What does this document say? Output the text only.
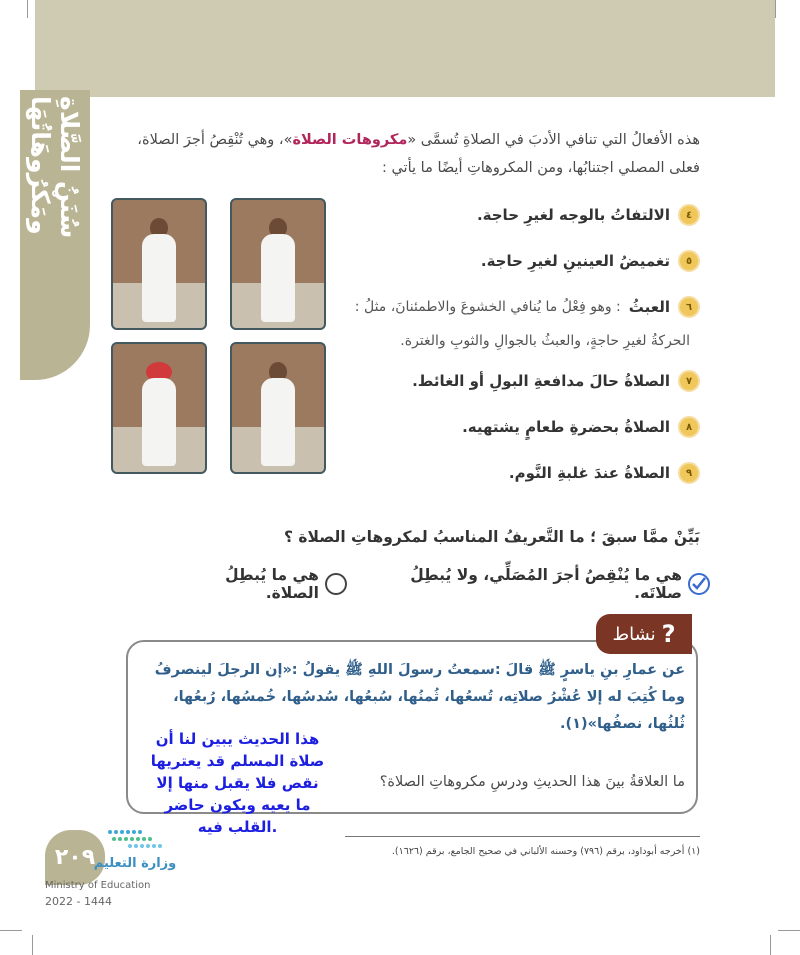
سُنَنُ الصَّلاةِ ومَكْرُوهَاتُهَا	هذه الأفعالُ التي تنافي الأدبَ في الصلاةِ تُسمَّى «مكروهات الصلاة»، وهي تُنْقِصُ أجرَ الصلاة،
فعلى المصلي اجتنابُها، ومن المكروهاتِ أيضًا ما يأتي :
٤
الالتفاتُ بالوجه لغيرِ حاجة.
٥
تغميضُ العينينِ لغيرِ حاجة.
٦
العبثُ
: وهو فِعْلُ ما يُنافي الخشوعَ والاطمئنانَ، مثلُ :
الحركةُ لغيرِ حاجةٍ، والعبثُ بالجوالِ والثوبِ والغترة.
٧
الصلاةُ حالَ مدافعةِ البولِ أو الغائط.
٨
الصلاةُ بحضرةِ طعامٍ يشتهيه.
٩
الصلاةُ عندَ غلبةِ النَّوم.
بَيِّنْ ممَّا سبقَ ؛ ما التَّعريفُ المناسبُ لمكروهاتِ الصلاة ؟
هي ما يُنْقِصُ أجرَ المُصَلِّي، ولا يُبطِلُ صلاتَه.
هي ما يُبطِلُ الصلاة.
نشاط ?
عن عمارِ بنِ ياسرٍ ﷺ قالَ :سمعتُ رسولَ اللهِ ﷺ يقولُ :«إن الرجلَ لينصرفُ
وما كُتِبَ له إلا عُشْرُ صلاتِه، تُسعُها، ثُمنُها، سُبعُها، سُدسُها، خُمسُها، رُبعُها،
ثُلثُها، نصفُها»(١).
ما العلاقةُ بينَ هذا الحديثِ ودرسِ مكروهاتِ الصلاة؟
هذا الحديث يبين لنا أن
صلاة المسلم قد يعتريها
نقص فلا يقبل منها إلا
ما يعيه ويكون حاضر
القلب فيه.
(١) أخرجه أبوداود، برقم (٧٩٦) وحسنه الألباني في صحيح الجامع، برقم (١٦٢٦).
٢٠٩
وزارة التعليم
Ministry of Education
2022 - 1444
